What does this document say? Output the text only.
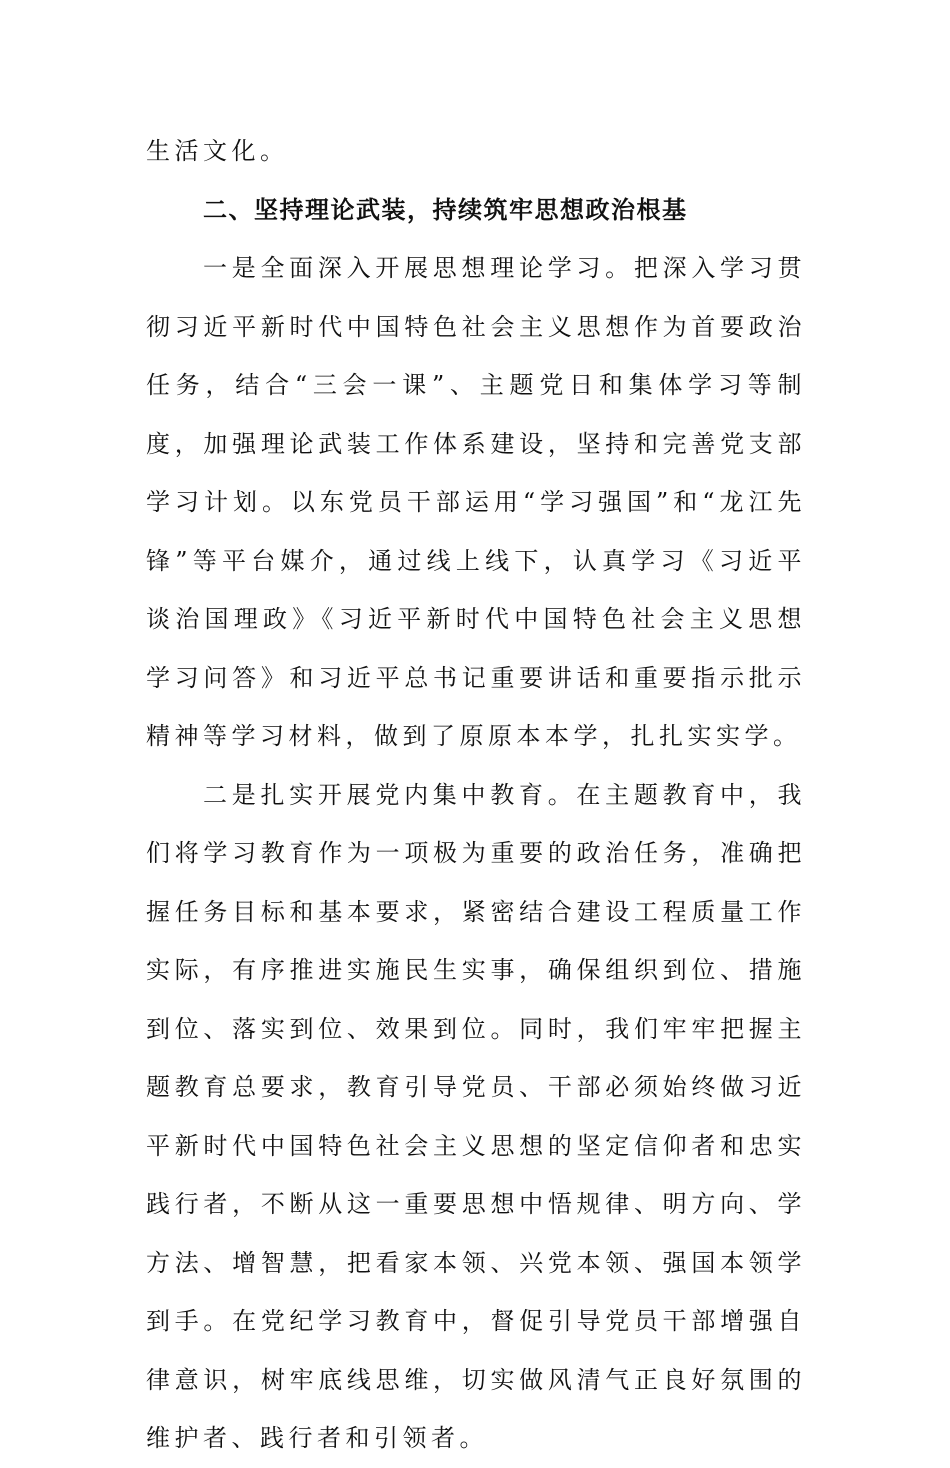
生活文化。

二、坚持理论武装，持续筑牢思想政治根基

一是全面深入开展思想理论学习。把深入学习贯彻习近平新时代中国特色社会主义思想作为首要政治任务，结合“三会一课”、主题党日和集体学习等制度，加强理论武装工作体系建设，坚持和完善党支部学习计划。以东党员干部运用“学习强国”和“龙江先锋”等平台媒介，通过线上线下，认真学习《习近平谈治国理政》《习近平新时代中国特色社会主义思想学习问答》和习近平总书记重要讲话和重要指示批示精神等学习材料，做到了原原本本学，扎扎实实学。

二是扎实开展党内集中教育。在主题教育中，我们将学习教育作为一项极为重要的政治任务，准确把握任务目标和基本要求，紧密结合建设工程质量工作实际，有序推进实施民生实事，确保组织到位、措施到位、落实到位、效果到位。同时，我们牢牢把握主题教育总要求，教育引导党员、干部必须始终做习近平新时代中国特色社会主义思想的坚定信仰者和忠实践行者，不断从这一重要思想中悟规律、明方向、学方法、增智慧，把看家本领、兴党本领、强国本领学到手。在党纪学习教育中，督促引导党员干部增强自律意识，树牢底线思维，切实做风清气正良好氛围的维护者、践行者和引领者。
